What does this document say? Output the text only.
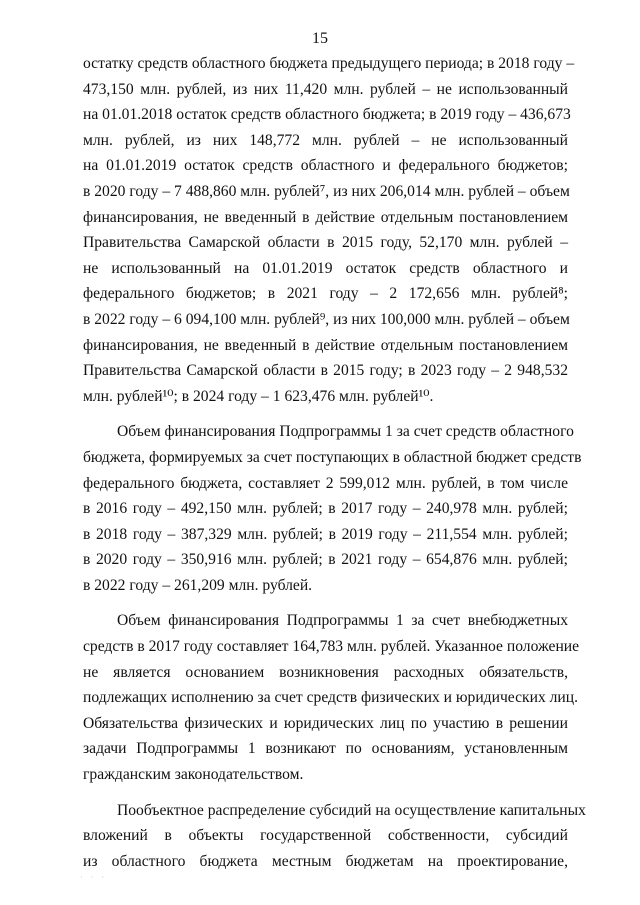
15

остатку средств областного бюджета предыдущего периода; в 2018 году –
473,150 млн. рублей, из них 11,420 млн. рублей – не использованный
на 01.01.2018 остаток средств областного бюджета; в 2019 году – 436,673
млн. рублей, из них 148,772 млн. рублей – не использованный
на 01.01.2019 остаток средств областного и федерального бюджетов;
в 2020 году – 7 488,860 млн. рублей⁷, из них 206,014 млн. рублей – объем
финансирования, не введенный в действие отдельным постановлением
Правительства Самарской области в 2015 году, 52,170 млн. рублей –
не использованный на 01.01.2019 остаток средств областного и
федерального бюджетов; в 2021 году – 2 172,656 млн. рублей⁸;
в 2022 году – 6 094,100 млн. рублей⁹, из них 100,000 млн. рублей – объем
финансирования, не введенный в действие отдельным постановлением
Правительства Самарской области в 2015 году; в 2023 году – 2 948,532
млн. рублей¹⁰; в 2024 году – 1 623,476 млн. рублей¹⁰.

Объем финансирования Подпрограммы 1 за счет средств областного
бюджета, формируемых за счет поступающих в областной бюджет средств
федерального бюджета, составляет 2 599,012 млн. рублей, в том числе
в 2016 году – 492,150 млн. рублей; в 2017 году – 240,978 млн. рублей;
в 2018 году – 387,329 млн. рублей; в 2019 году – 211,554 млн. рублей;
в 2020 году – 350,916 млн. рублей; в 2021 году – 654,876 млн. рублей;
в 2022 году – 261,209 млн. рублей.

Объем финансирования Подпрограммы 1 за счет внебюджетных
средств в 2017 году составляет 164,783 млн. рублей. Указанное положение
не является основанием возникновения расходных обязательств,
подлежащих исполнению за счет средств физических и юридических лиц.
Обязательства физических и юридических лиц по участию в решении
задачи Подпрограммы 1 возникают по основаниям, установленным
гражданским законодательством.

Пообъектное распределение субсидий на осуществление капитальных
вложений в объекты государственной собственности, субсидий
из областного бюджета местным бюджетам на проектирование,

· · ·
